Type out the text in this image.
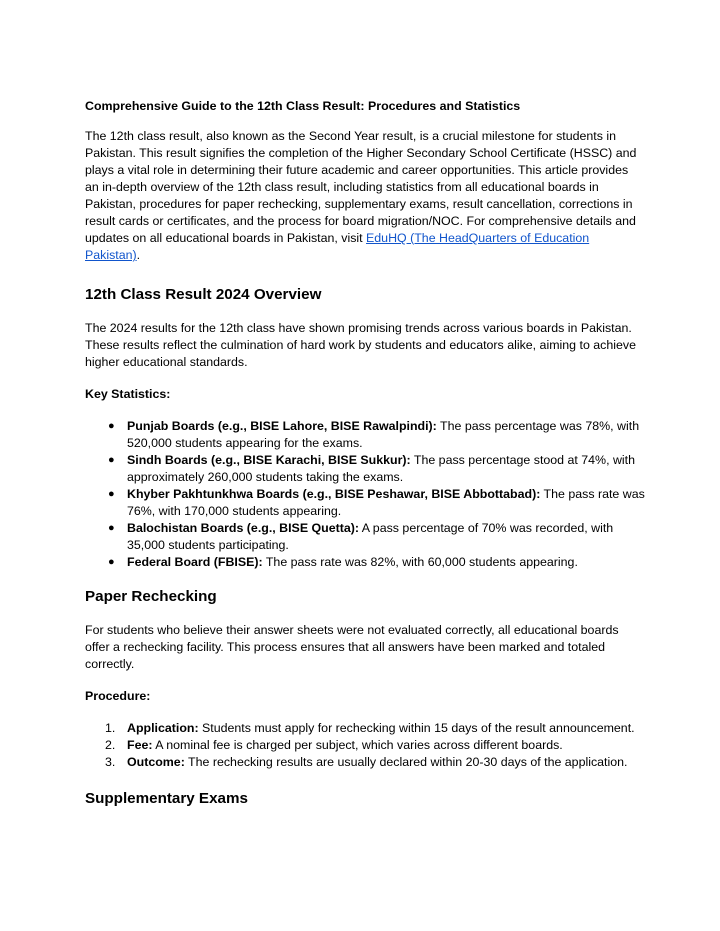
Comprehensive Guide to the 12th Class Result: Procedures and Statistics

The 12th class result, also known as the Second Year result, is a crucial milestone for students in Pakistan. This result signifies the completion of the Higher Secondary School Certificate (HSSC) and plays a vital role in determining their future academic and career opportunities. This article provides an in-depth overview of the 12th class result, including statistics from all educational boards in Pakistan, procedures for paper rechecking, supplementary exams, result cancellation, corrections in result cards or certificates, and the process for board migration/NOC. For comprehensive details and updates on all educational boards in Pakistan, visit EduHQ (The HeadQuarters of Education Pakistan).

12th Class Result 2024 Overview

The 2024 results for the 12th class have shown promising trends across various boards in Pakistan. These results reflect the culmination of hard work by students and educators alike, aiming to achieve higher educational standards.

Key Statistics:

● Punjab Boards (e.g., BISE Lahore, BISE Rawalpindi): The pass percentage was 78%, with 520,000 students appearing for the exams.
● Sindh Boards (e.g., BISE Karachi, BISE Sukkur): The pass percentage stood at 74%, with approximately 260,000 students taking the exams.
● Khyber Pakhtunkhwa Boards (e.g., BISE Peshawar, BISE Abbottabad): The pass rate was 76%, with 170,000 students appearing.
● Balochistan Boards (e.g., BISE Quetta): A pass percentage of 70% was recorded, with 35,000 students participating.
● Federal Board (FBISE): The pass rate was 82%, with 60,000 students appearing.
Paper Rechecking

For students who believe their answer sheets were not evaluated correctly, all educational boards offer a rechecking facility. This process ensures that all answers have been marked and totaled correctly.

Procedure:

1. Application: Students must apply for rechecking within 15 days of the result announcement.
2. Fee: A nominal fee is charged per subject, which varies across different boards.
3. Outcome: The rechecking results are usually declared within 20-30 days of the application.
Supplementary Exams
